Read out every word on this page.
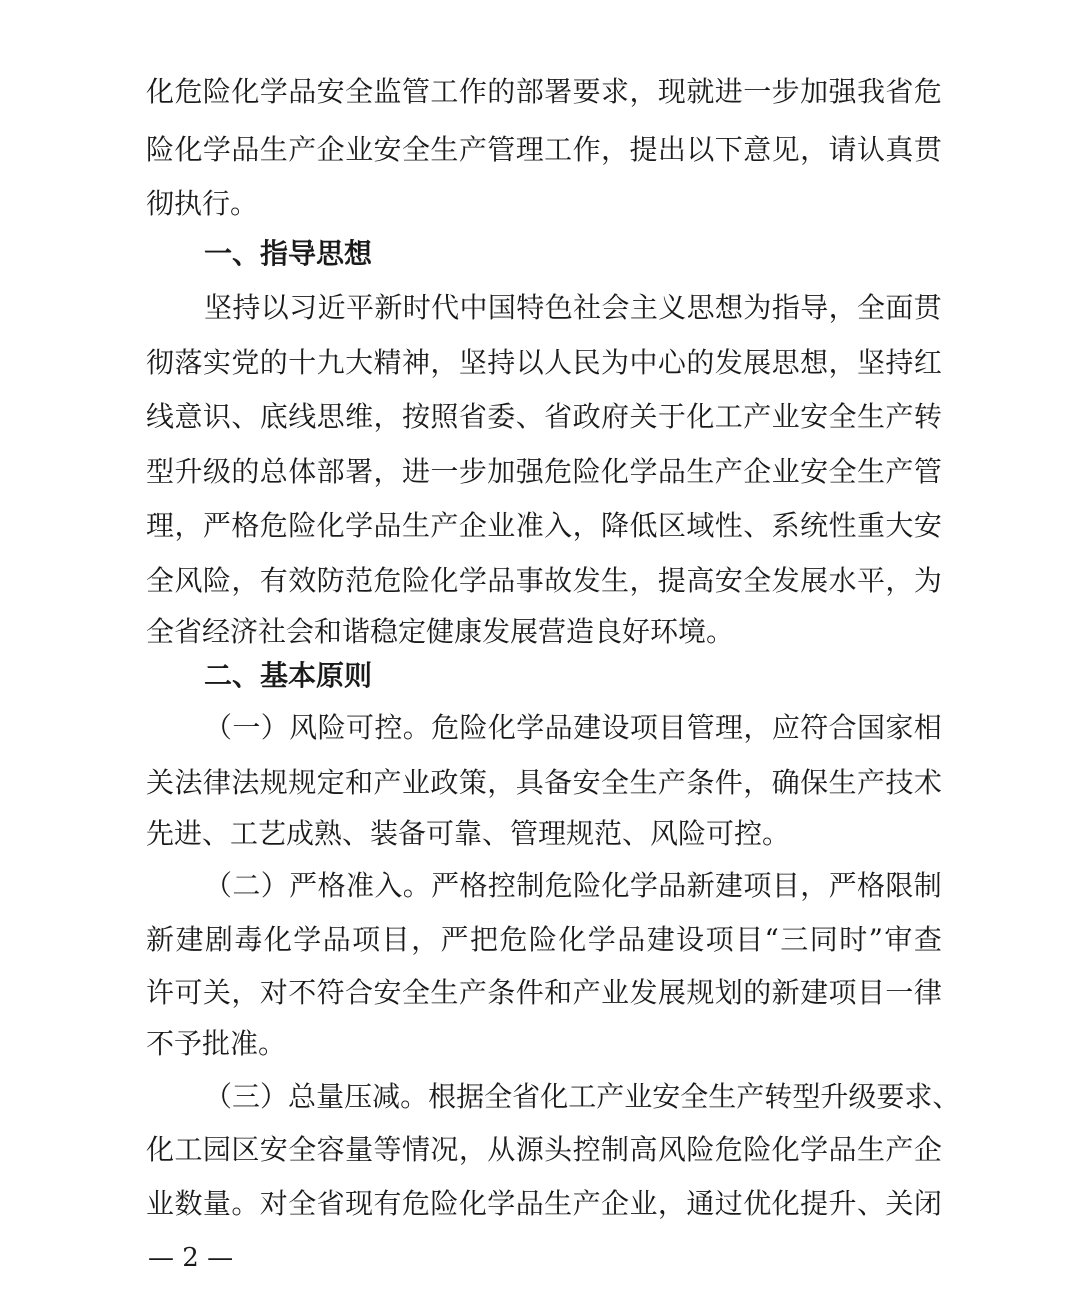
化 危 险 化 学 品 安 全 监 管 工 作 的 部 署 要 求 ， 现 就 进 一 步 加 强 我 省 危
险 化 学 品 生 产 企 业 安 全 生 产 管 理 工 作 ， 提 出 以 下 意 见 ， 请 认 真 贯
彻执行。
一、指导思想
坚 持 以 习 近 平 新 时 代 中 国 特 色 社 会 主 义 思 想 为 指 导 ， 全 面 贯
彻 落 实 党 的 十 九 大 精 神 ， 坚 持 以 人 民 为 中 心 的 发 展 思 想 ， 坚 持 红
线 意 识 、 底 线 思 维 ， 按 照 省 委 、 省 政 府 关 于 化 工 产 业 安 全 生 产 转
型 升 级 的 总 体 部 署 ， 进 一 步 加 强 危 险 化 学 品 生 产 企 业 安 全 生 产 管
理 ， 严 格 危 险 化 学 品 生 产 企 业 准 入 ， 降 低 区 域 性 、 系 统 性 重 大 安
全 风 险 ， 有 效 防 范 危 险 化 学 品 事 故 发 生 ， 提 高 安 全 发 展 水 平 ， 为
全省经济社会和谐稳定健康发展营造良好环境。
二、基本原则
（ 一 ） 风 险 可 控 。 危 险 化 学 品 建 设 项 目 管 理 ， 应 符 合 国 家 相
关 法 律 法 规 规 定 和 产 业 政 策 ， 具 备 安 全 生 产 条 件 ， 确 保 生 产 技 术
先进、工艺成熟、装备可靠、管理规范、风险可控。
（ 二 ） 严 格 准 入 。 严 格 控 制 危 险 化 学 品 新 建 项 目 ， 严 格 限 制
新 建 剧 毒 化 学 品 项 目 ， 严 把 危 险 化 学 品 建 设 项 目 “ 三 同 时 ” 审 查
许 可 关 ， 对 不 符 合 安 全 生 产 条 件 和 产 业 发 展 规 划 的 新 建 项 目 一 律
不予批准。
（ 三 ） 总 量 压 减 。 根 据 全 省 化 工 产 业 安 全 生 产 转 型 升 级 要 求 、
化 工 园 区 安 全 容 量 等 情 况 ， 从 源 头 控 制 高 风 险 危 险 化 学 品 生 产 企
业 数 量 。 对 全 省 现 有 危 险 化 学 品 生 产 企 业 ， 通 过 优 化 提 升 、 关 闭
— 2 —
